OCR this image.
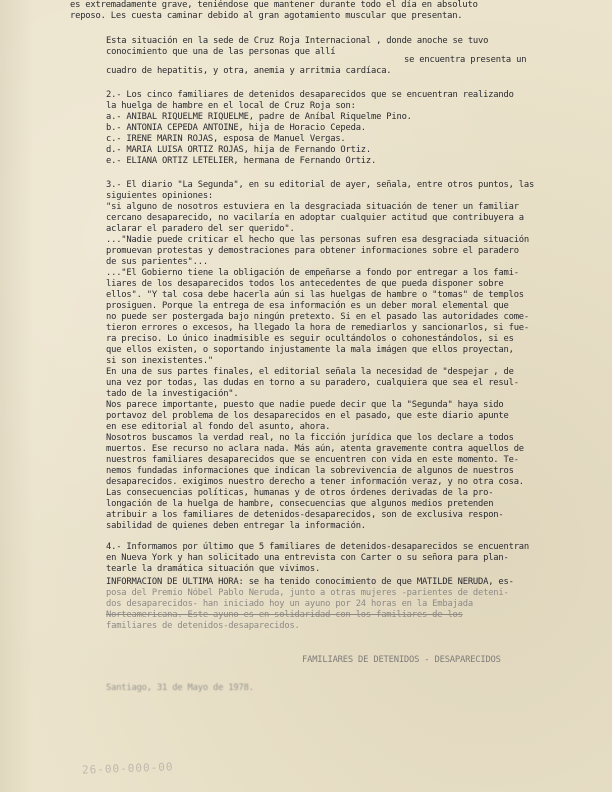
es extremadamente grave, teniéndose que mantener durante todo el día en absoluto
reposo. Les cuesta caminar debido al gran agotamiento muscular que presentan.
Esta situación en la sede de Cruz Roja Internacional , donde anoche se tuvo
conocimiento que una de las personas que allí
se encuentra presenta un
cuadro de hepatitis, y otra, anemia y arritmia cardíaca.
2.- Los cinco familiares de detenidos desaparecidos que se encuentran realizando
la huelga de hambre en el local de Cruz Roja son:
a.- ANIBAL RIQUELME RIQUELME, padre de Aníbal Riquelme Pino.
b.- ANTONIA CEPEDA ANTOINE, hija de Horacio Cepeda.
c.- IRENE MARIN ROJAS, esposa de Manuel Vergas.
d.- MARIA LUISA ORTIZ ROJAS, hija de Fernando Ortiz.
e.- ELIANA ORTIZ LETELIER, hermana de Fernando Ortiz.
3.- El diario "La Segunda", en su editorial de ayer, señala, entre otros puntos, las
siguientes opiniones:
"si alguno de nosotros estuviera en la desgraciada situación de tener un familiar
cercano desaparecido, no vacilaría en adoptar cualquier actitud que contribuyera a
aclarar el paradero del ser querido".
..."Nadie puede criticar el hecho que las personas sufren esa desgraciada situación
promuevan protestas y demostraciones para obtener informaciones sobre el paradero
de sus parientes"...
..."El Gobierno tiene la obligación de empeñarse a fondo por entregar a los fami-
liares de los desaparecidos todos los antecedentes de que pueda disponer sobre
ellos". "Y tal cosa debe hacerla aún si las huelgas de hambre o "tomas" de templos
prosiguen. Porque la entrega de esa información es un deber moral elemental que
no puede ser postergada bajo ningún pretexto. Si en el pasado las autoridades come-
tieron errores o excesos, ha llegado la hora de remediarlos y sancionarlos, si fue-
ra preciso. Lo único inadmisible es seguir ocultándolos o cohonestándolos, si es
que ellos existen, o soportando injustamente la mala imágen que ellos proyectan,
si son inexistentes."
En una de sus partes finales, el editorial señala la necesidad de "despejar , de
una vez por todas, las dudas en torno a su paradero, cualquiera que sea el resul-
tado de la investigación".
Nos parece importante, puesto que nadie puede decir que la "Segunda" haya sido
portavoz del problema de los desaparecidos en el pasado, que este diario apunte
en ese editorial al fondo del asunto, ahora.
Nosotros buscamos la verdad real, no la ficción jurídica que los declare a todos
muertos. Ese recurso no aclara nada. Más aún, atenta gravemente contra aquellos de
nuestros familiares desaparecidos que se encuentren con vida en este momento. Te-
nemos fundadas informaciones que indican la sobrevivencia de algunos de nuestros
desaparecidos. exigimos nuestro derecho a tener información veraz, y no otra cosa.
Las consecuencias políticas, humanas y de otros órdenes derivadas de la pro-
longación de la huelga de hambre, consecuencias que algunos medios pretenden
atribuir a los familiares de detenidos-desaparecidos, son de exclusiva respon-
sabilidad de quienes deben entregar la información.
4.- Informamos por último que 5 familiares de detenidos-desaparecidos se encuentran
en Nueva York y han solicitado una entrevista con Carter o su señora para plan-
tearle la dramática situación que vivimos.
INFORMACION DE ULTIMA HORA: se ha tenido conocimiento de que MATILDE NERUDA, es-
posa del Premio Nóbel Pablo Neruda, junto a otras mujeres -parientes de deteni-
dos desaparecidos- han iniciado hoy un ayuno por 24 horas en la Embajada
Norteamericana. Este ayuno es en solidaridad con los familiares de los
familiares de detenidos-desaparecidos.
FAMILIARES DE DETENIDOS - DESAPARECIDOS
Santiago, 31 de Mayo de 1978.
26-00-000-00
